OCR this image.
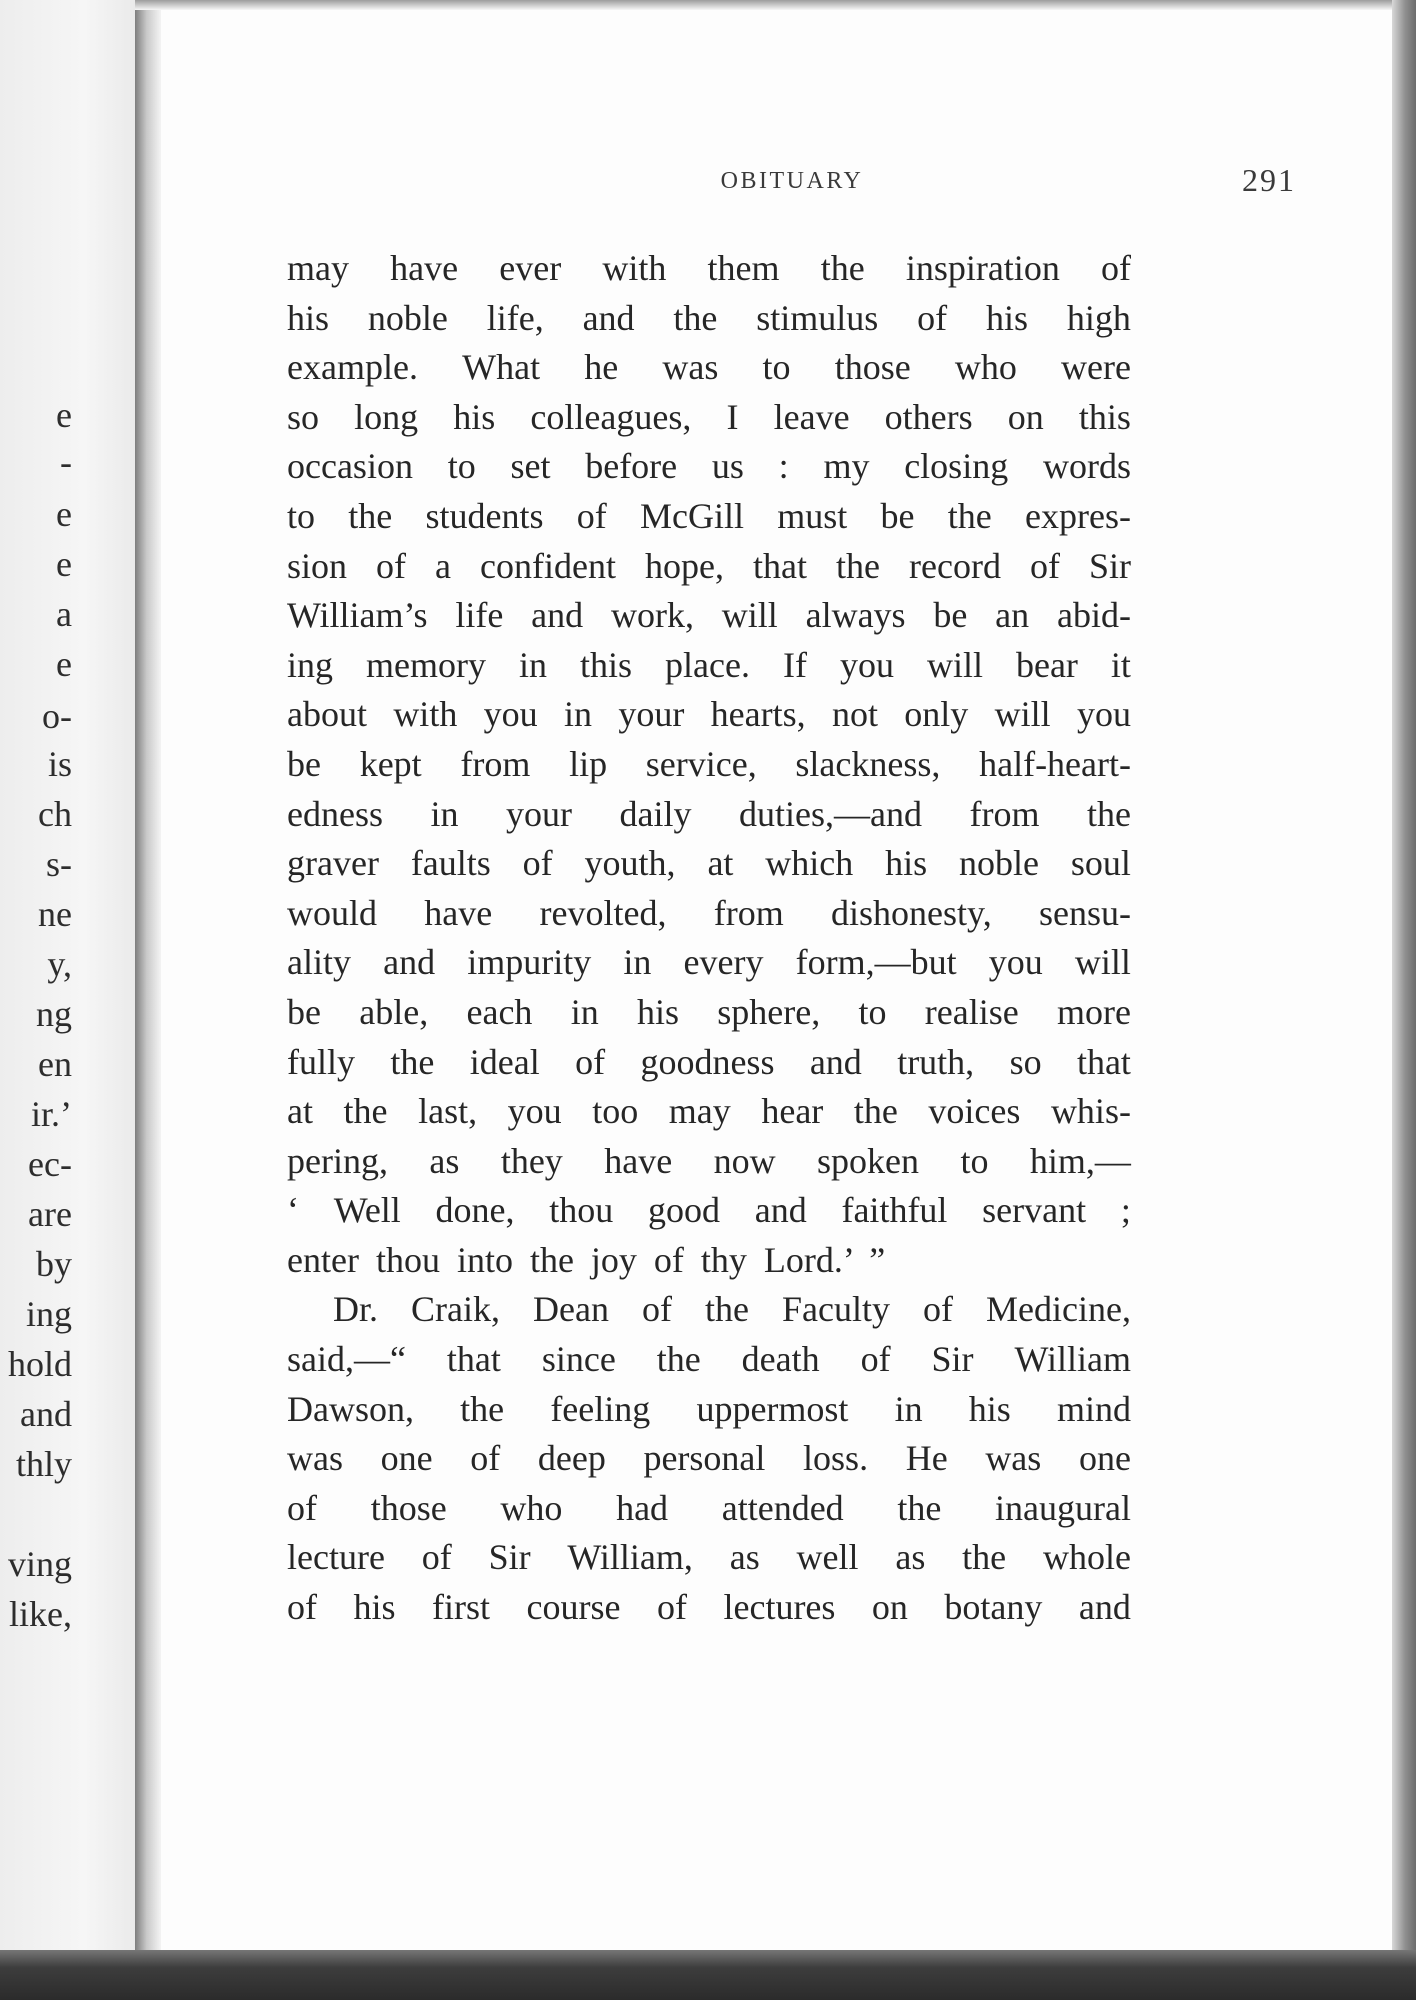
e
-
e
e
a
e
o-
is
ch
s-
ne
y,
ng
en
ir.’
ec-
are
by
ing
hold
and
thly
ving
like,
OBITUARY	291
may have ever with them the inspiration of
his noble life, and the stimulus of his high
example. What he was to those who were
so long his colleagues, I leave others on this
occasion to set before us : my closing words
to the students of McGill must be the expres-
sion of a confident hope, that the record of Sir
William’s life and work, will always be an abid-
ing memory in this place. If you will bear it
about with you in your hearts, not only will you
be kept from lip service, slackness, half-heart-
edness in your daily duties,—and from the
graver faults of youth, at which his noble soul
would have revolted, from dishonesty, sensu-
ality and impurity in every form,—but you will
be able, each in his sphere, to realise more
fully the ideal of goodness and truth, so that
at the last, you too may hear the voices whis-
pering, as they have now spoken to him,—
‘ Well done, thou good and faithful servant ;
enter thou into the joy of thy Lord.’ ”
Dr. Craik, Dean of the Faculty of Medicine,
said,—“ that since the death of Sir William
Dawson, the feeling uppermost in his mind
was one of deep personal loss. He was one
of those who had attended the inaugural
lecture of Sir William, as well as the whole
of his first course of lectures on botany and
